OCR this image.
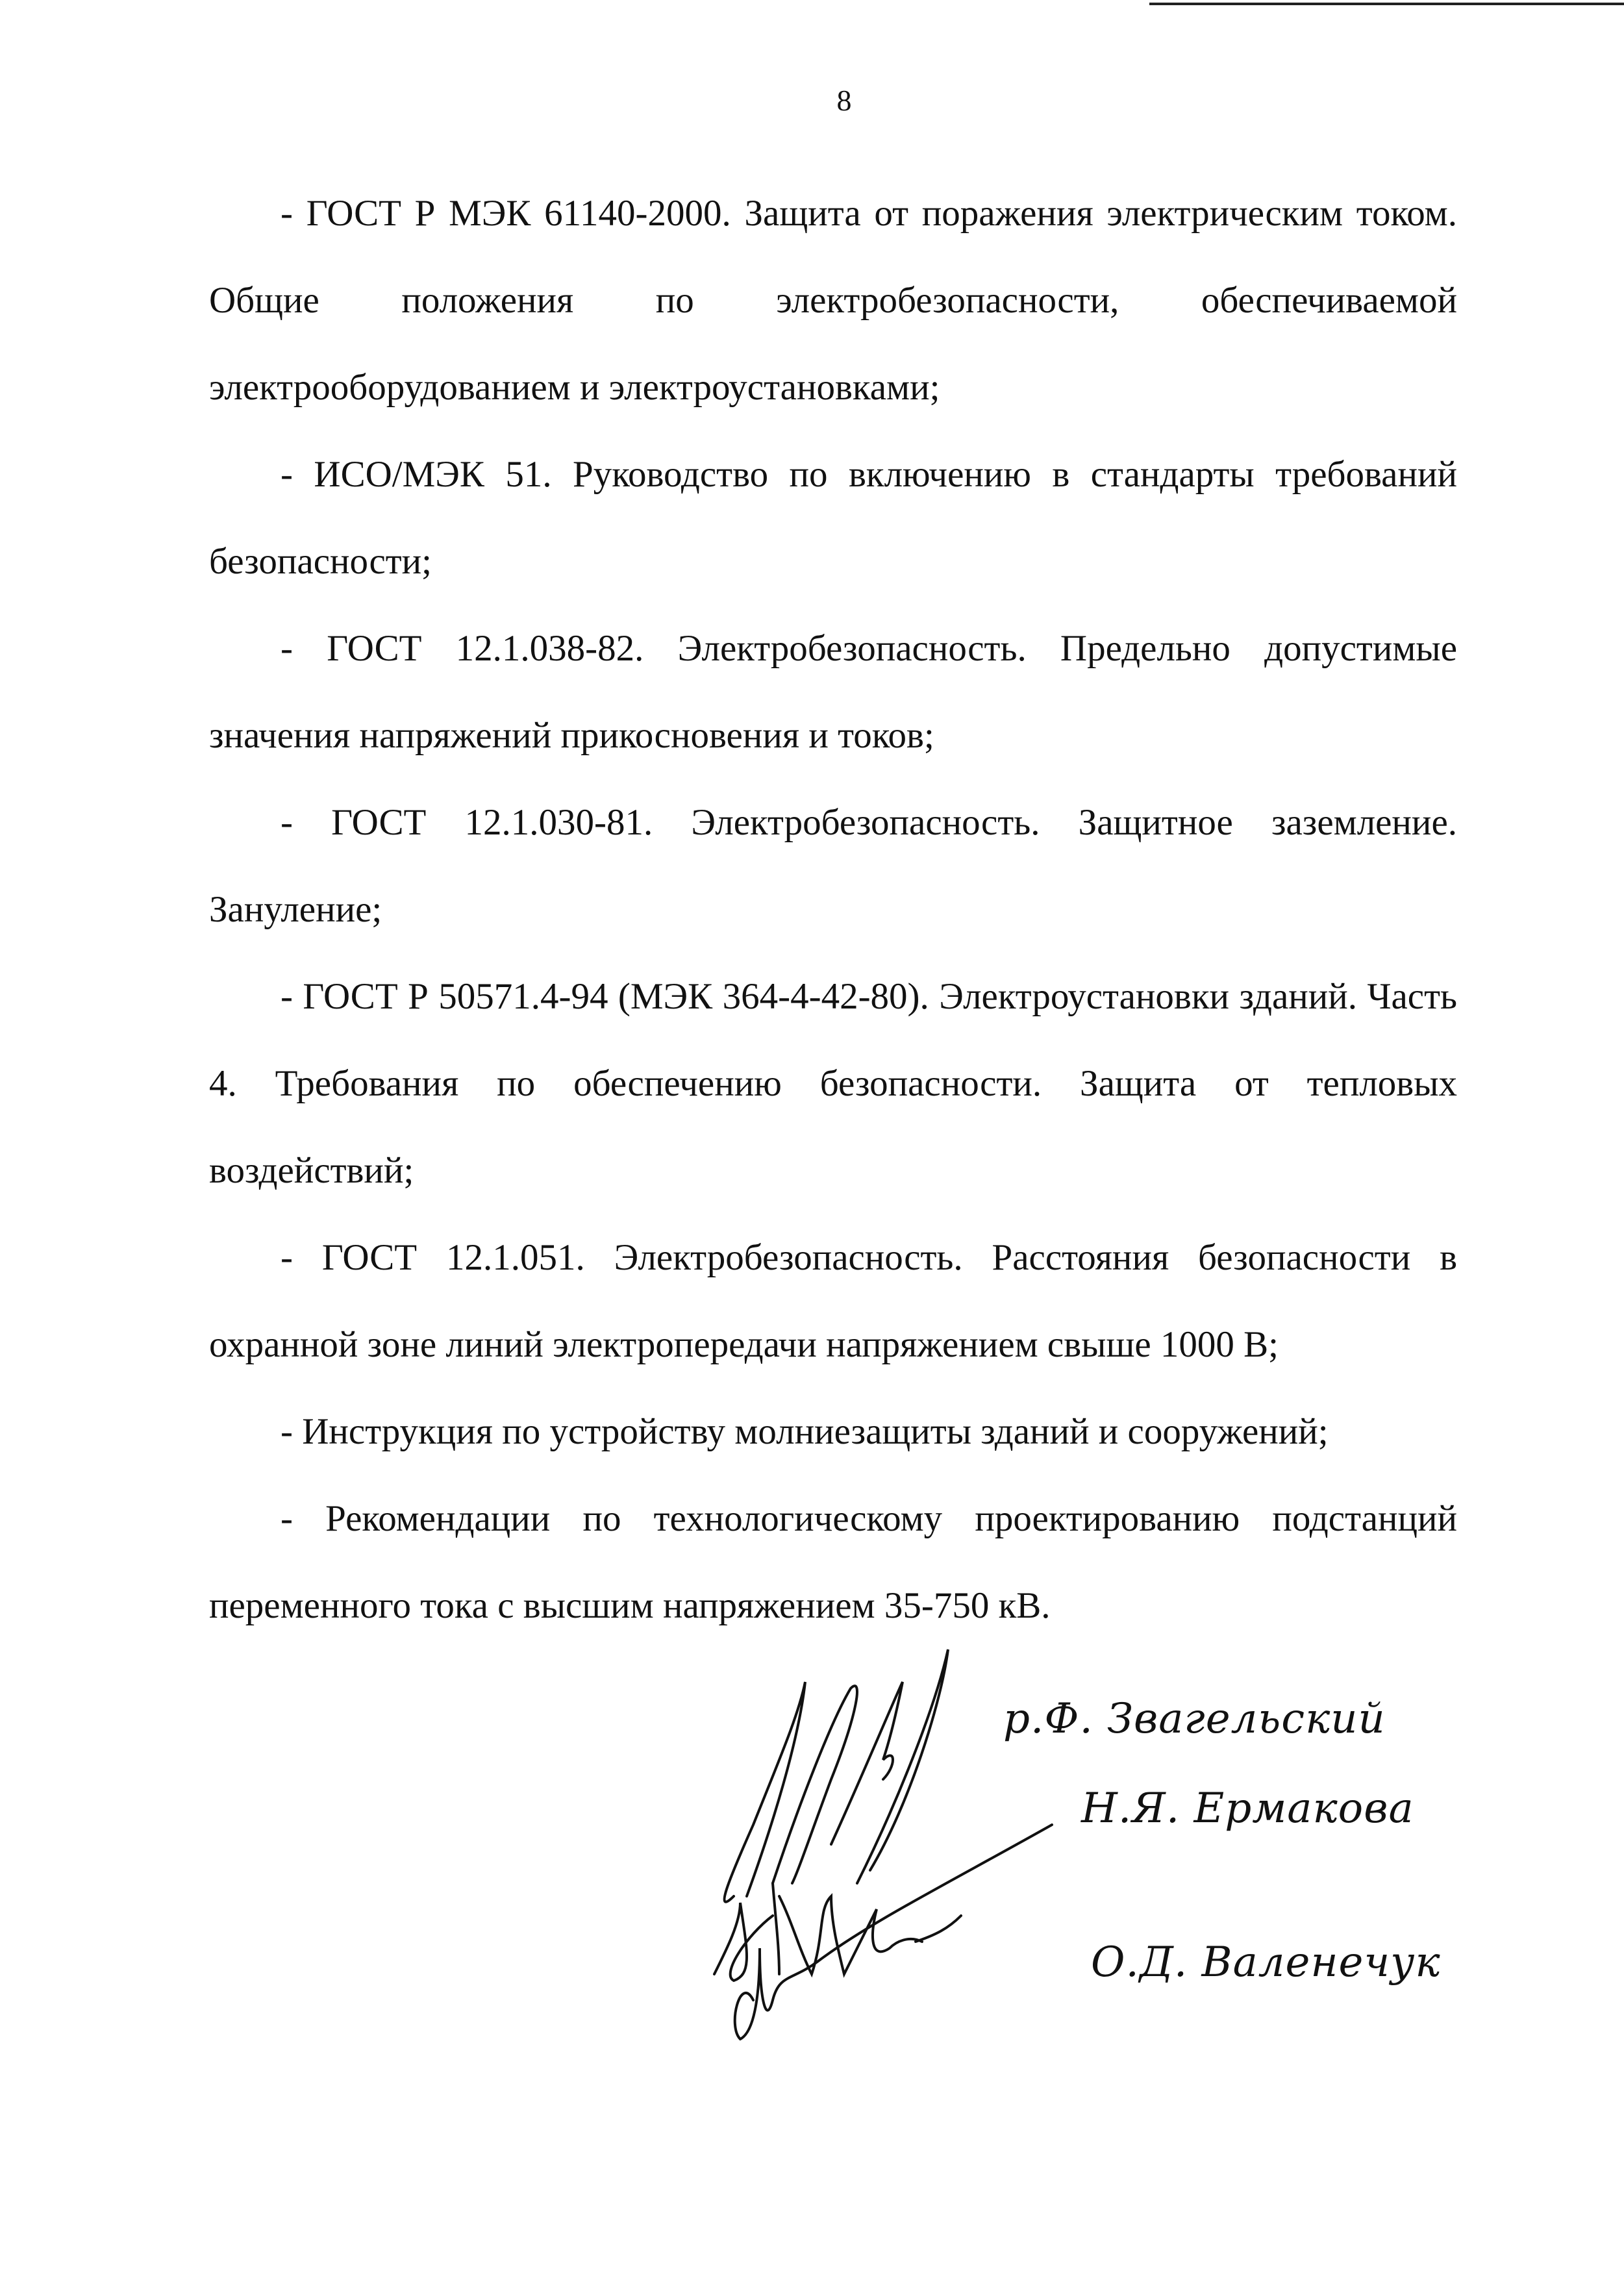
8

- ГОСТ Р МЭК 61140-2000. Защита от поражения электрическим током. Общие положения по электробезопасности, обеспечиваемой электрооборудованием и электроустановками;

- ИСО/МЭК 51. Руководство по включению в стандарты требований безопасности;

- ГОСТ 12.1.038-82. Электробезопасность. Предельно допустимые значения напряжений прикосновения и токов;

- ГОСТ 12.1.030-81. Электробезопасность. Защитное заземление. Зануление;

- ГОСТ Р 50571.4-94 (МЭК 364-4-42-80). Электроустановки зданий. Часть 4. Требования по обеспечению безопасности. Защита от тепловых воздействий;

- ГОСТ 12.1.051. Электробезопасность. Расстояния безопасности в охранной зоне линий электропередачи напряжением свыше 1000 В;

- Инструкция по устройству молниезащиты зданий и сооружений;

- Рекомендации по технологическому проектированию подстанций переменного тока с высшим напряжением 35-750 кВ.

р.Ф. Звагельский
Н.Я. Ермакова
О.Д. Валенечук
